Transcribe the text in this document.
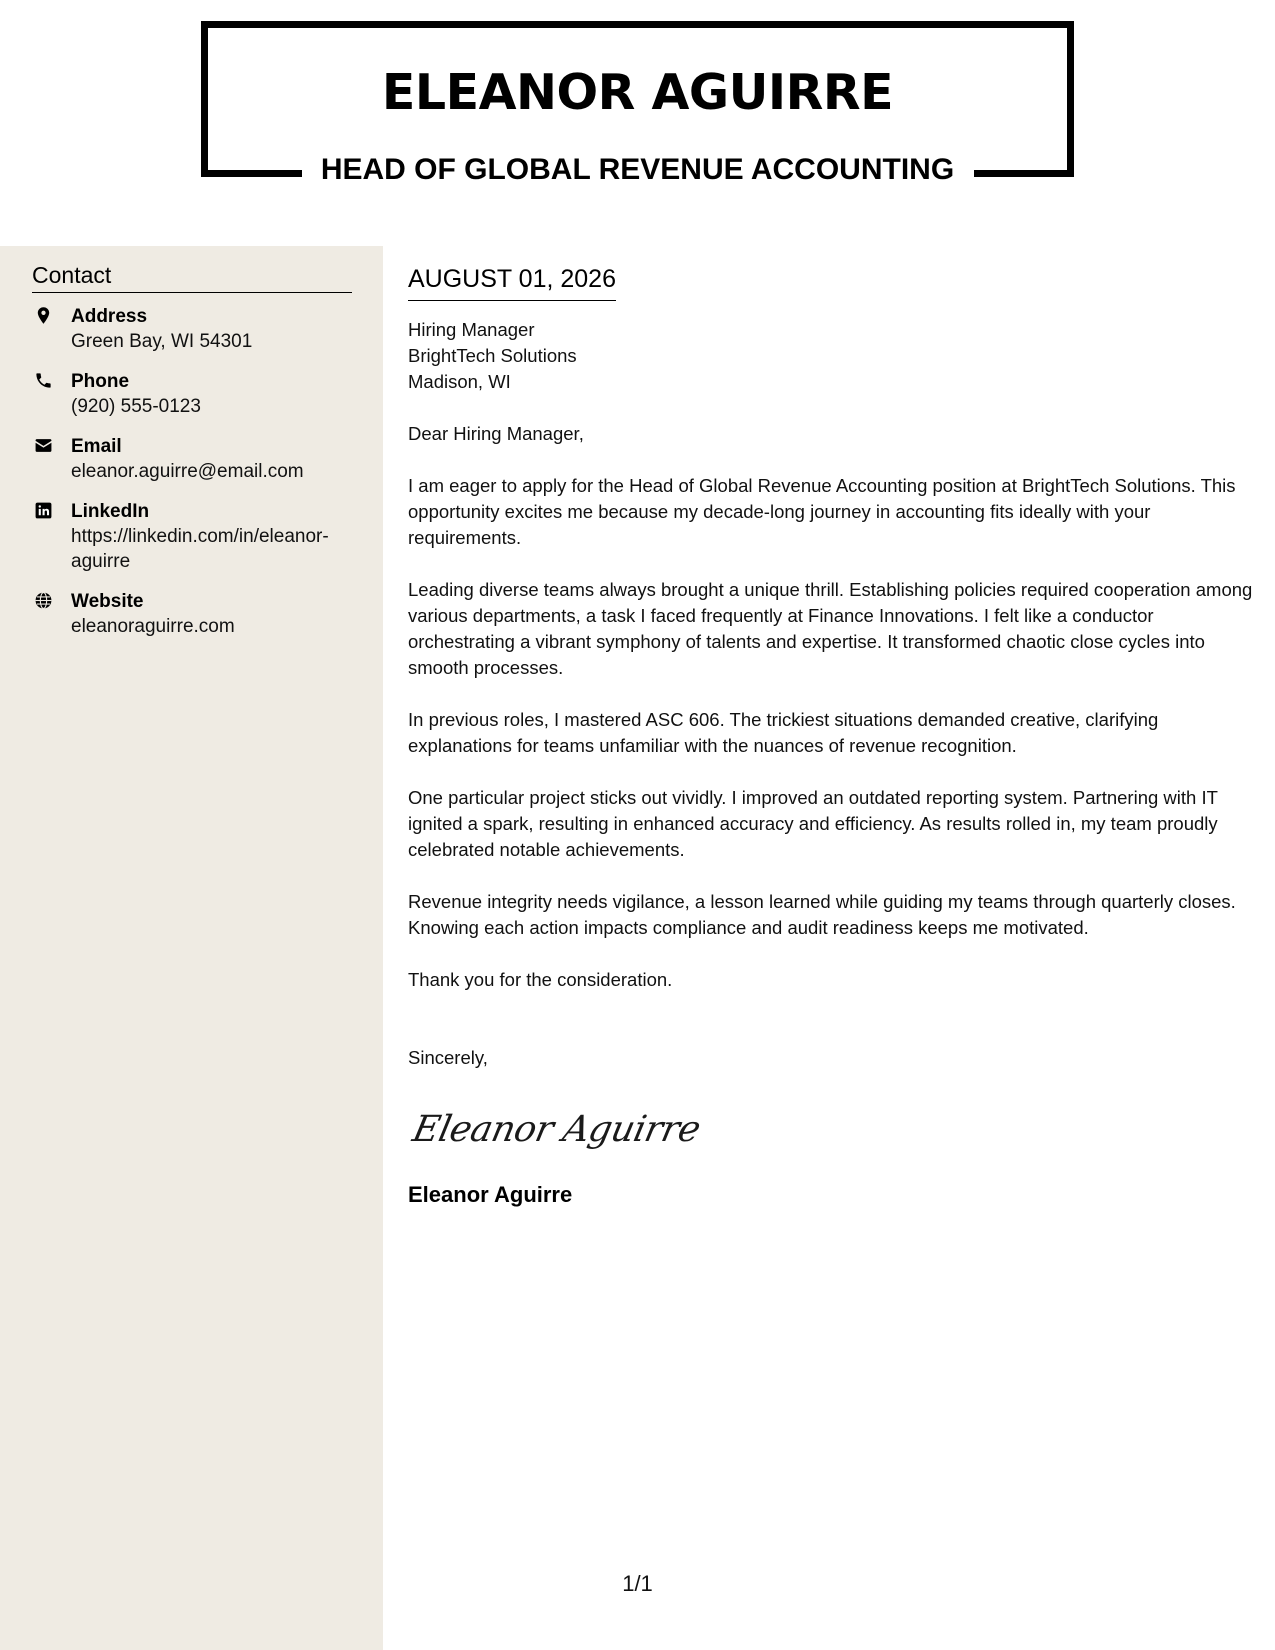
ELEANOR AGUIRRE
HEAD OF GLOBAL REVENUE ACCOUNTING
Contact
Address
Green Bay, WI 54301
Phone
(920) 555-0123
Email
eleanor.aguirre@email.com
LinkedIn
https://linkedin.com/in/eleanor-aguirre
Website
eleanoraguirre.com
AUGUST 01, 2026
Hiring Manager
BrightTech Solutions
Madison, WI
Dear Hiring Manager,

I am eager to apply for the Head of Global Revenue Accounting position at BrightTech Solutions. This opportunity excites me because my decade-long journey in accounting fits ideally with your requirements.

Leading diverse teams always brought a unique thrill. Establishing policies required cooperation among various departments, a task I faced frequently at Finance Innovations. I felt like a conductor orchestrating a vibrant symphony of talents and expertise. It transformed chaotic close cycles into smooth processes.

In previous roles, I mastered ASC 606. The trickiest situations demanded creative, clarifying explanations for teams unfamiliar with the nuances of revenue recognition.

One particular project sticks out vividly. I improved an outdated reporting system. Partnering with IT ignited a spark, resulting in enhanced accuracy and efficiency. As results rolled in, my team proudly celebrated notable achievements.

Revenue integrity needs vigilance, a lesson learned while guiding my teams through quarterly closes. Knowing each action impacts compliance and audit readiness keeps me motivated.

Thank you for the consideration.

Sincerely,
Eleanor Aguirre
Eleanor Aguirre
1/1
